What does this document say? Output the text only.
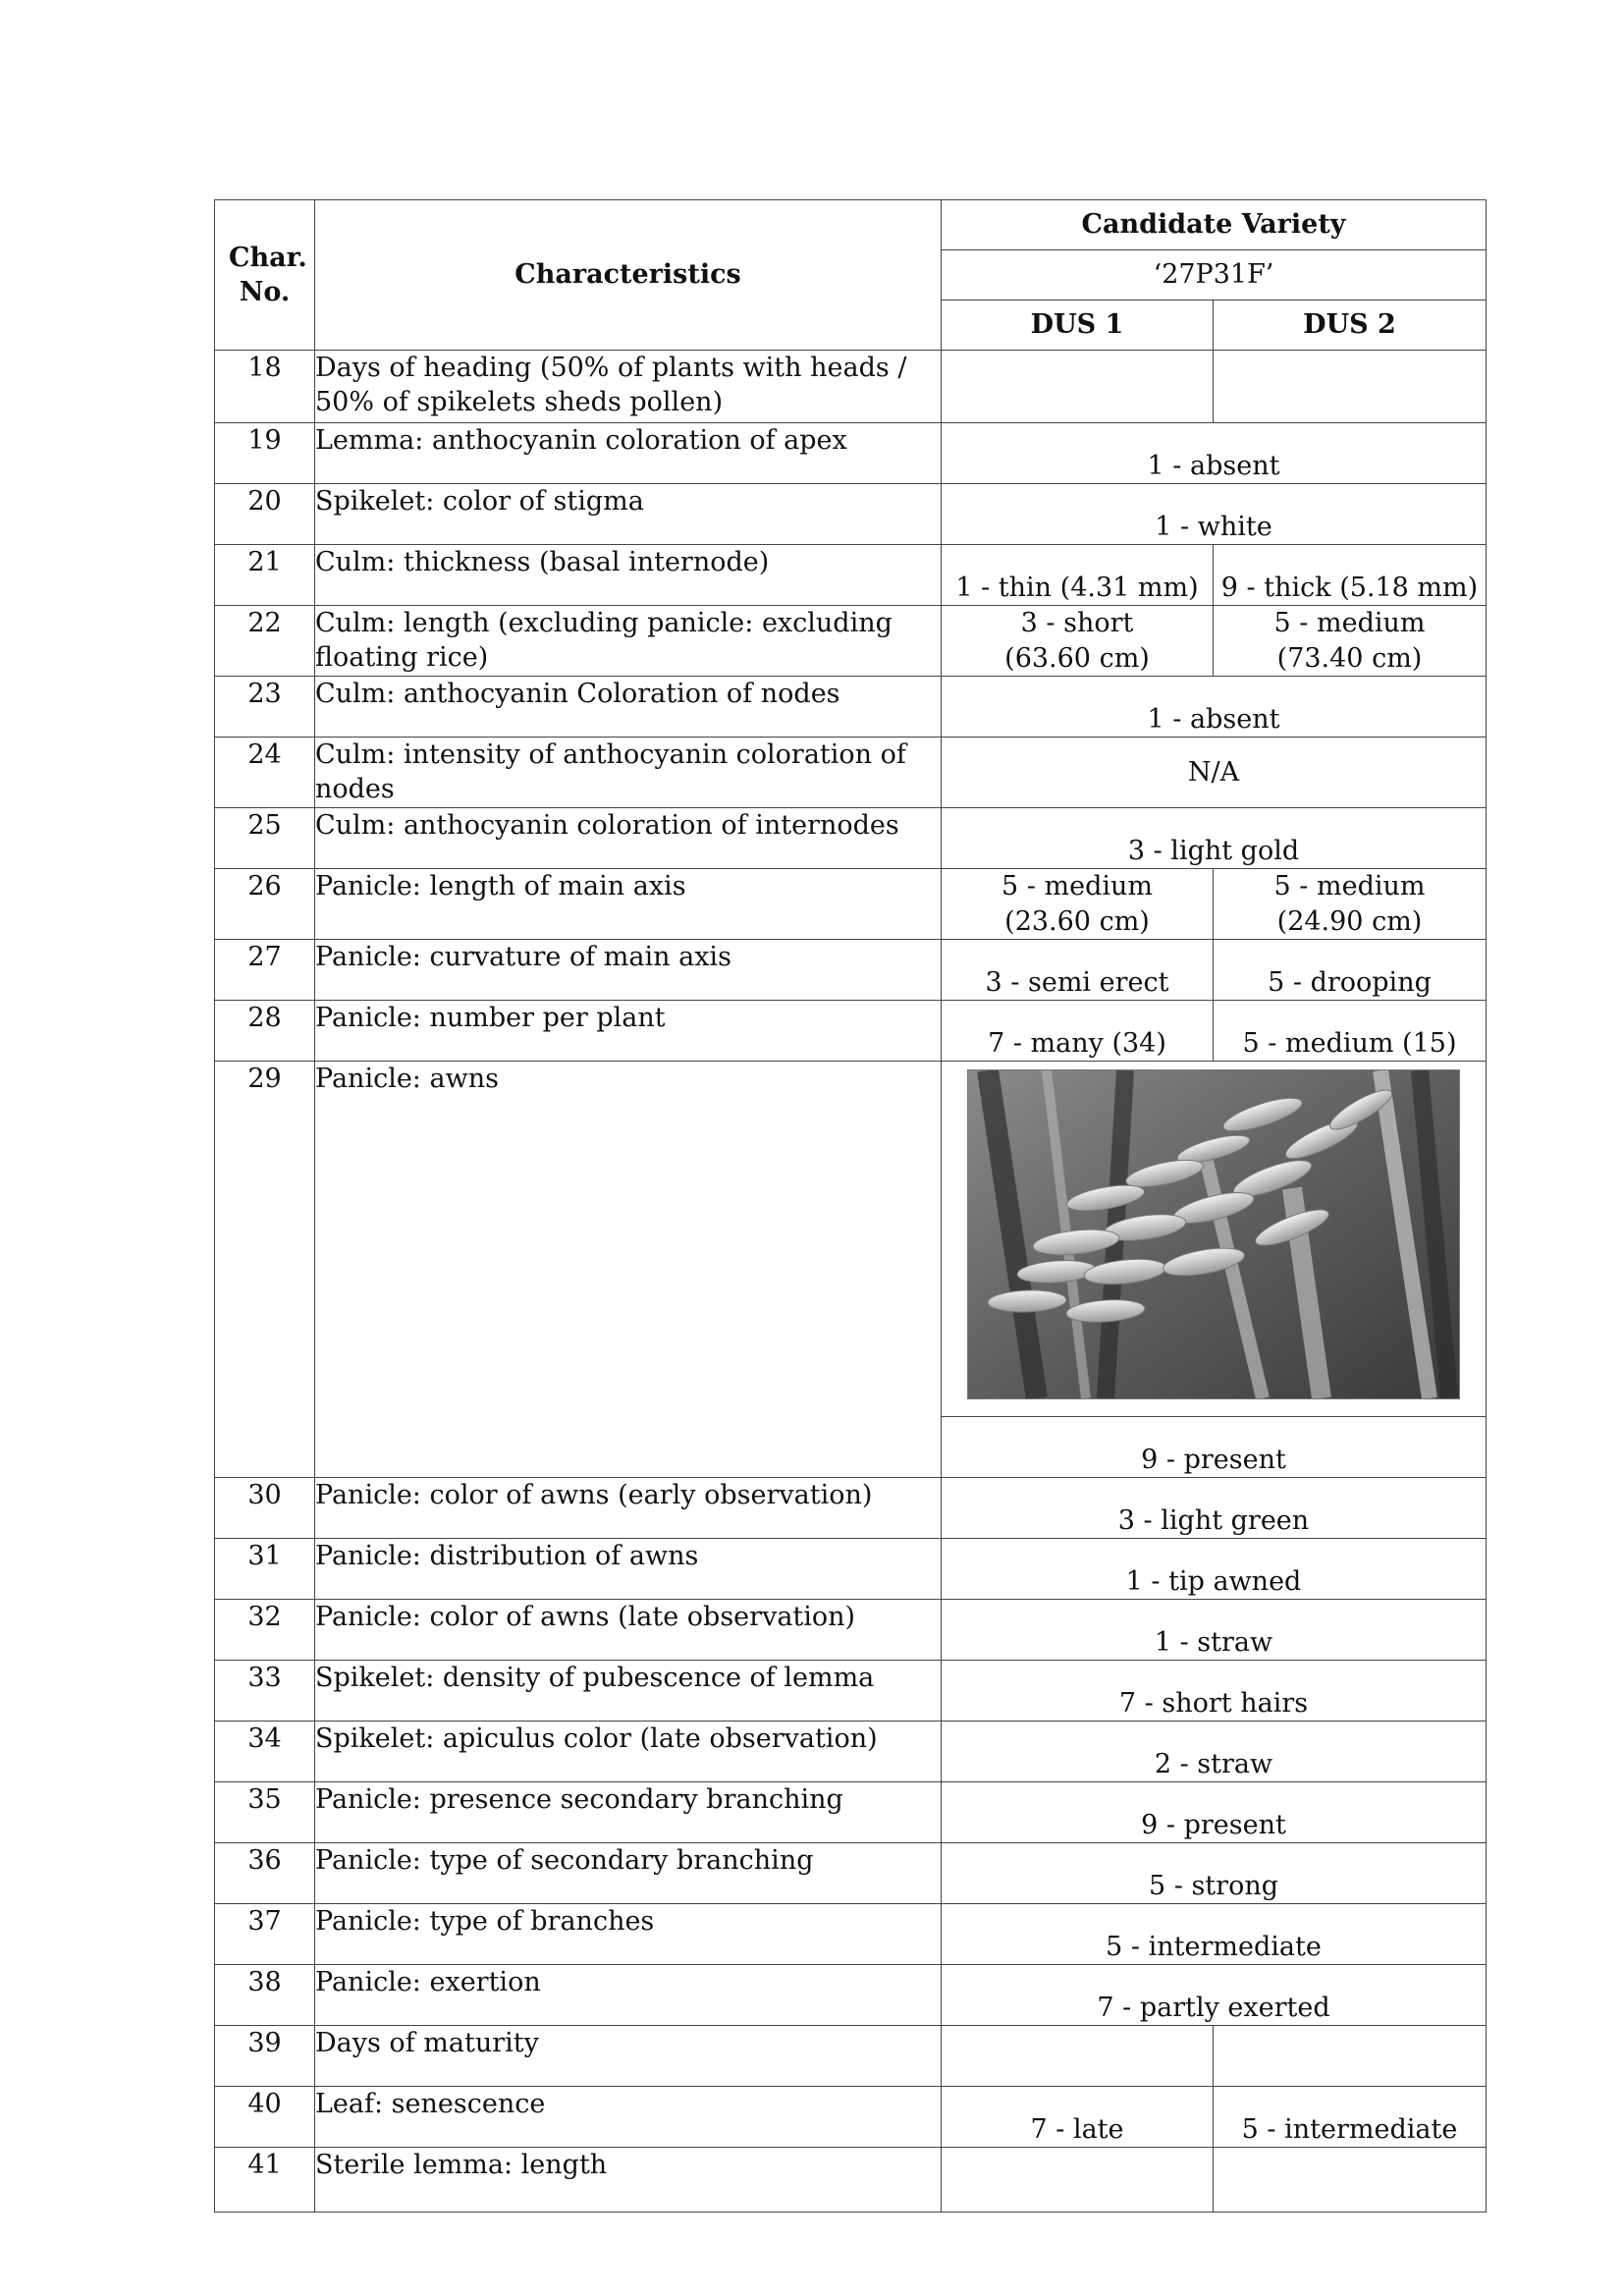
Char. No.	Characteristics	Candidate Variety	
		‘27P31F’	
		DUS 1	DUS 2
18	Days of heading (50% of plants with heads / 50% of spikelets sheds pollen)		
19	Lemma: anthocyanin coloration of apex	1 - absent	
20	Spikelet: color of stigma	1 - white	
21	Culm: thickness (basal internode)	1 - thin (4.31 mm)	9 - thick (5.18 mm)
22	Culm: length (excluding panicle: excluding floating rice)	3 - short (63.60 cm)	5 - medium (73.40 cm)
23	Culm: anthocyanin Coloration of nodes	1 - absent	
24	Culm: intensity of anthocyanin coloration of nodes	N/A	
25	Culm: anthocyanin coloration of internodes	3 - light gold	
26	Panicle: length of main axis	5 - medium (23.60 cm)	5 - medium (24.90 cm)
27	Panicle: curvature of main axis	3 - semi erect	5 - drooping
28	Panicle: number per plant	7 - many (34)	5 - medium (15)
29	Panicle: awns	

		9 - present	
30	Panicle: color of awns (early observation)	3 - light green	
31	Panicle: distribution of awns	1 - tip awned	
32	Panicle: color of awns (late observation)	1 - straw	
33	Spikelet: density of pubescence of lemma	7 - short hairs	
34	Spikelet: apiculus color (late observation)	2 - straw	
35	Panicle: presence secondary branching	9 - present	
36	Panicle: type of secondary branching	5 - strong	
37	Panicle: type of branches	5 - intermediate	
38	Panicle: exertion	7 - partly exerted	
39	Days of maturity		
40	Leaf: senescence	7 - late	5 - intermediate
41	Sterile lemma: length		
